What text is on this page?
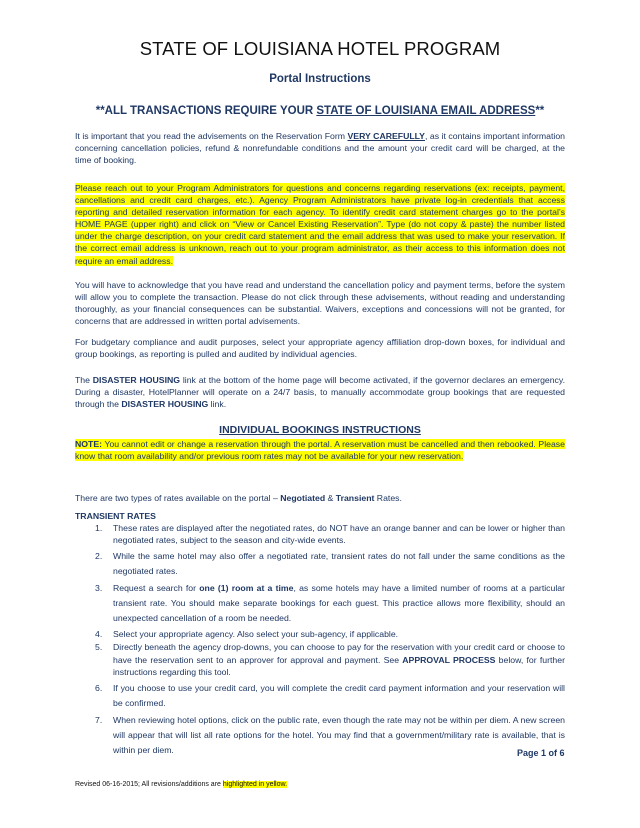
STATE OF LOUISIANA HOTEL PROGRAM
Portal Instructions
**ALL TRANSACTIONS REQUIRE YOUR STATE OF LOUISIANA EMAIL ADDRESS**

It is important that you read the advisements on the Reservation Form VERY CAREFULLY, as it contains important information concerning cancellation policies, refund & nonrefundable conditions and the amount your credit card will be charged, at the time of booking.

Please reach out to your Program Administrators for questions and concerns regarding reservations (ex: receipts, payment, cancellations and credit card charges, etc.). Agency Program Administrators have private log-in credentials that access reporting and detailed reservation information for each agency. To identify credit card statement charges go to the portal’s HOME PAGE (upper right) and click on “View or Cancel Existing Reservation”. Type (do not copy & paste) the number listed under the charge description, on your credit card statement and the email address that was used to make your reservation. If the correct email address is unknown, reach out to your program administrator, as their access to this information does not require an email address.

You will have to acknowledge that you have read and understand the cancellation policy and payment terms, before the system will allow you to complete the transaction. Please do not click through these advisements, without reading and understanding thoroughly, as your financial consequences can be substantial. Waivers, exceptions and concessions will not be granted, for concerns that are addressed in written portal advisements.

For budgetary compliance and audit purposes, select your appropriate agency affiliation drop-down boxes, for individual and group bookings, as reporting is pulled and audited by individual agencies.

The DISASTER HOUSING link at the bottom of the home page will become activated, if the governor declares an emergency. During a disaster, HotelPlanner will operate on a 24/7 basis, to manually accommodate group bookings that are requested through the DISASTER HOUSING link.

INDIVIDUAL BOOKINGS INSTRUCTIONS

NOTE: You cannot edit or change a reservation through the portal. A reservation must be cancelled and then rebooked. Please know that room availability and/or previous room rates may not be available for your new reservation.

There are two types of rates available on the portal – Negotiated & Transient Rates.

TRANSIENT RATES
1. These rates are displayed after the negotiated rates, do NOT have an orange banner and can be lower or higher than negotiated rates, subject to the season and city-wide events.
2. While the same hotel may also offer a negotiated rate, transient rates do not fall under the same conditions as the negotiated rates.
3. Request a search for one (1) room at a time, as some hotels may have a limited number of rooms at a particular transient rate. You should make separate bookings for each guest. This practice allows more flexibility, should an unexpected cancellation of a room be needed.
4. Select your appropriate agency. Also select your sub-agency, if applicable.
5. Directly beneath the agency drop-downs, you can choose to pay for the reservation with your credit card or choose to have the reservation sent to an approver for approval and payment. See APPROVAL PROCESS below, for further instructions regarding this tool.
6. If you choose to use your credit card, you will complete the credit card payment information and your reservation will be confirmed.
7. When reviewing hotel options, click on the public rate, even though the rate may not be within per diem. A new screen will appear that will list all rate options for the hotel. You may find that a government/military rate is available, that is within per diem.	Page 1 of 6
Revised 06-16-2015; All revisions/additions are highlighted in yellow.
